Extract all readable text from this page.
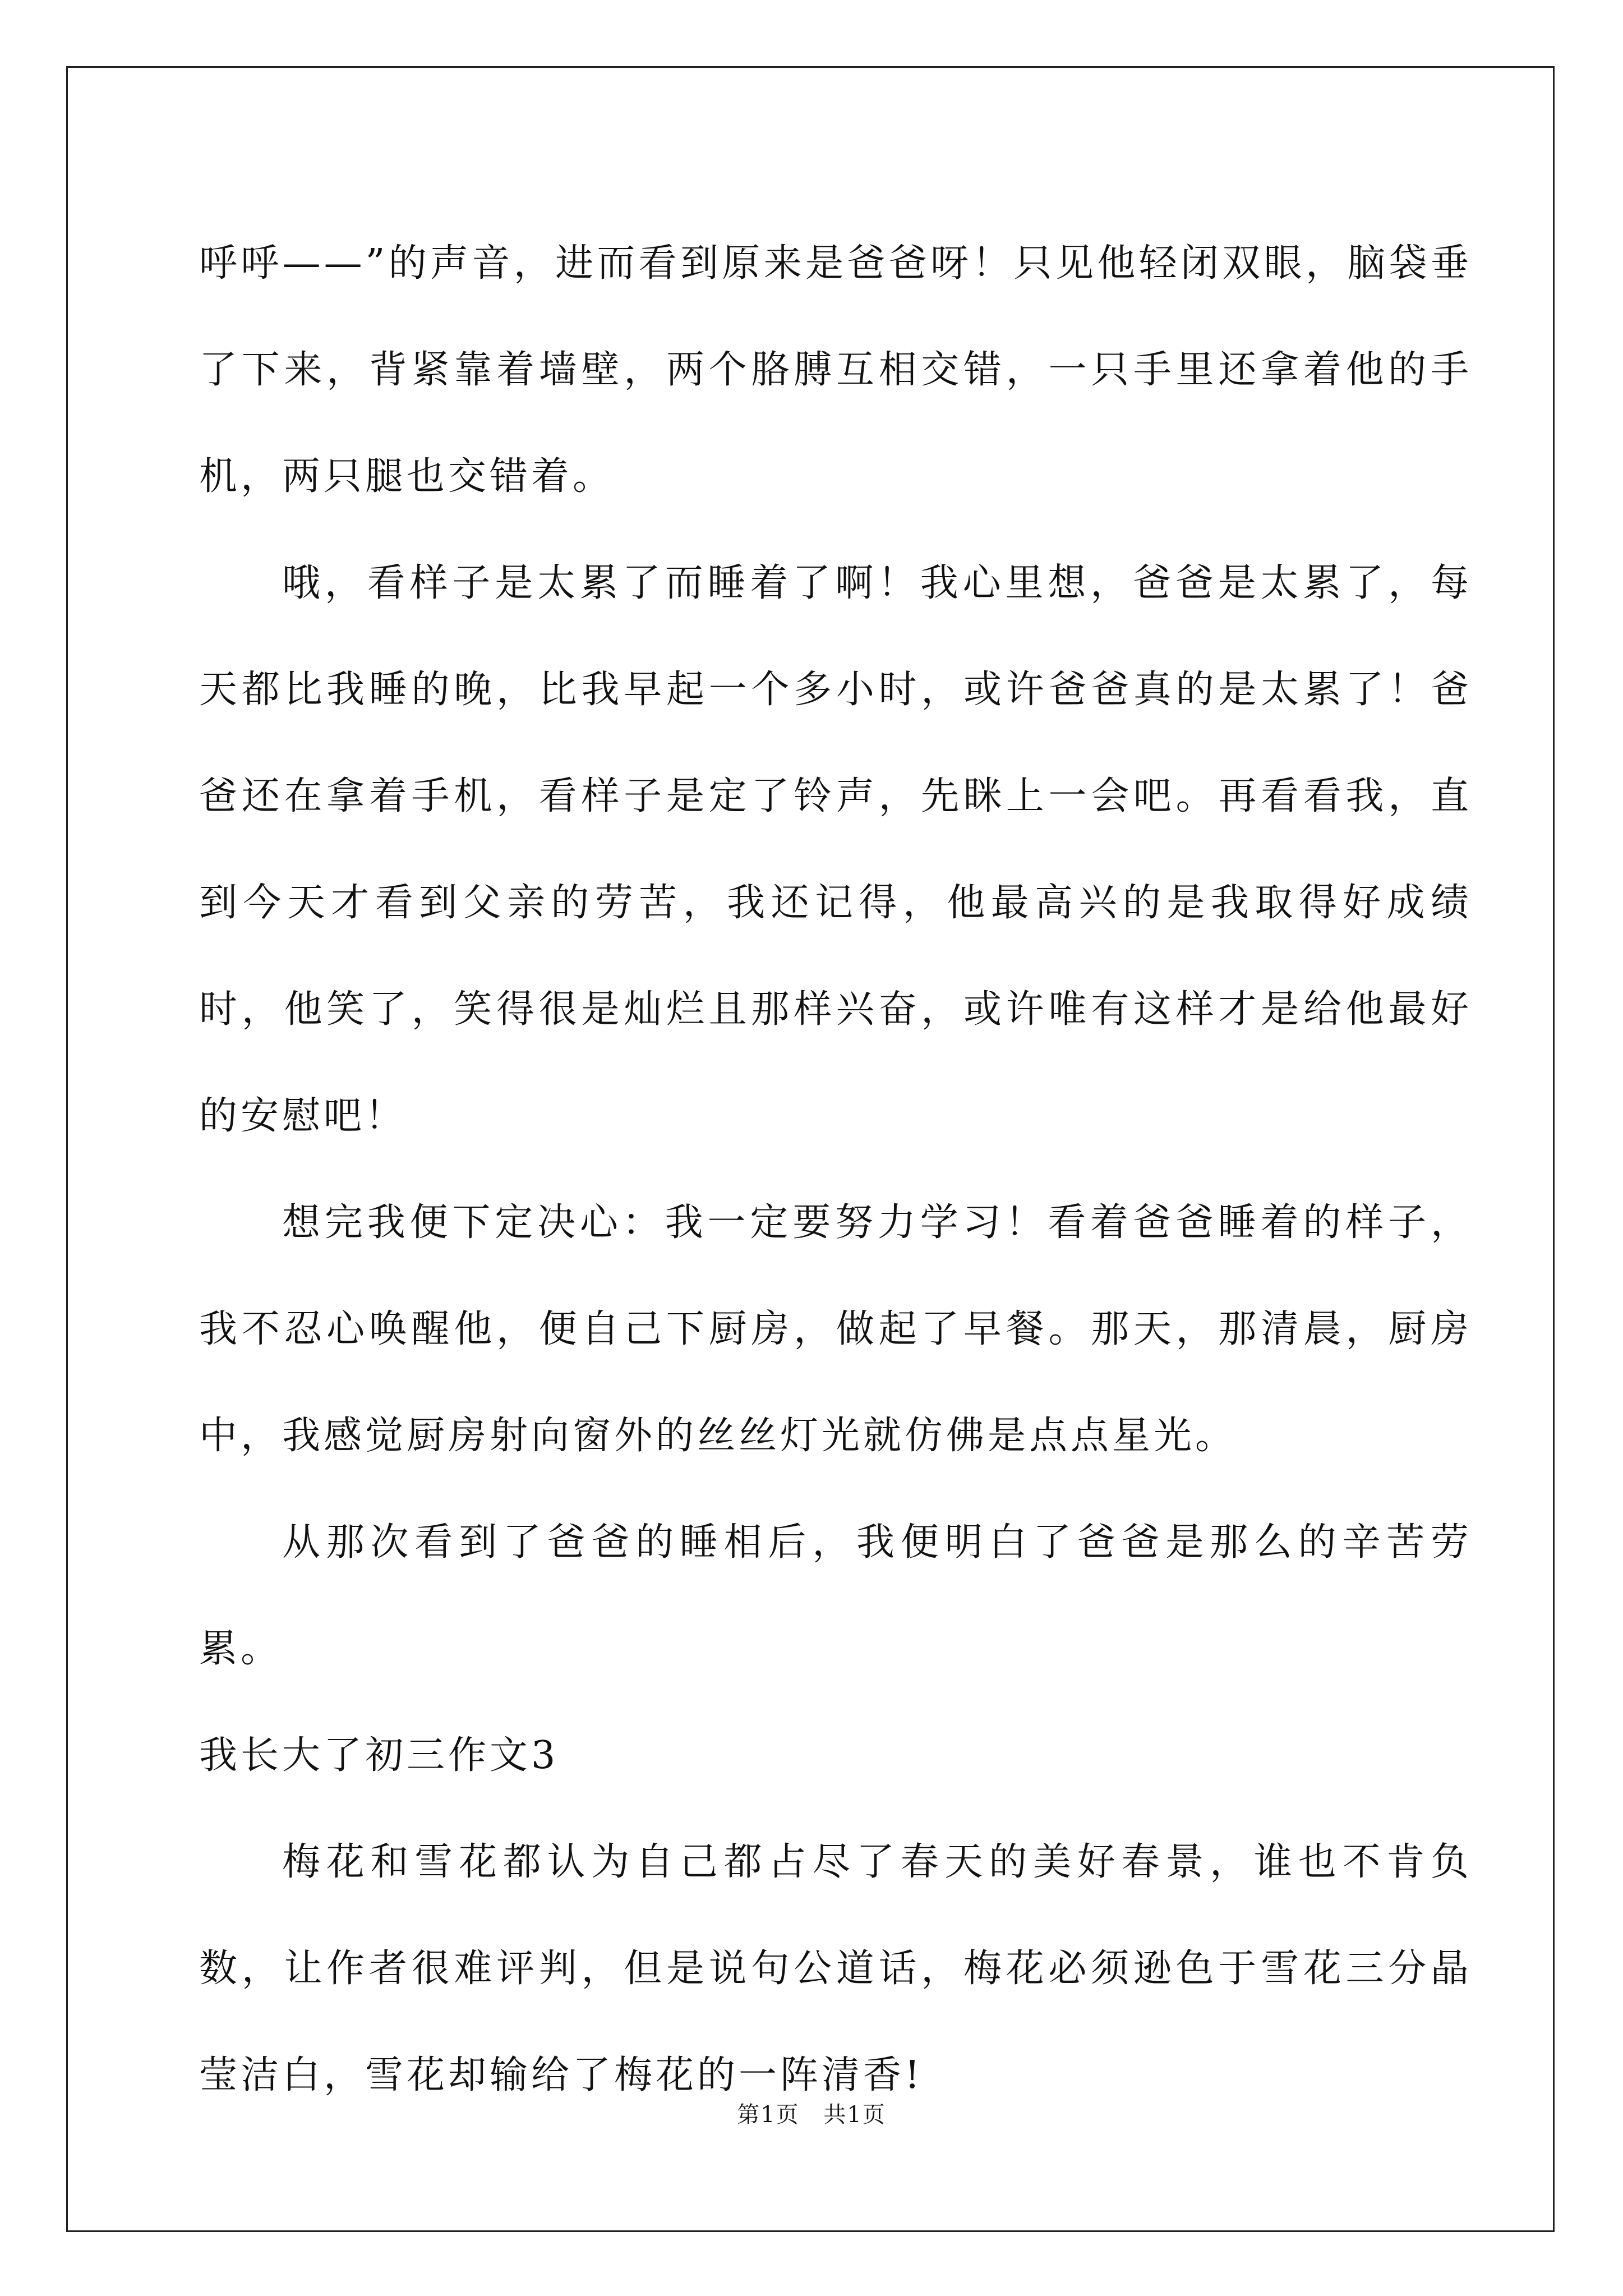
呼呼——”的声音，进而看到原来是爸爸呀！只见他轻闭双眼，脑袋垂了下来，背紧靠着墙壁，两个胳膊互相交错，一只手里还拿着他的手机，两只腿也交错着。

哦，看样子是太累了而睡着了啊！我心里想，爸爸是太累了，每天都比我睡的晚，比我早起一个多小时，或许爸爸真的是太累了！爸爸还在拿着手机，看样子是定了铃声，先眯上一会吧。再看看我，直到今天才看到父亲的劳苦，我还记得，他最高兴的是我取得好成绩时，他笑了，笑得很是灿烂且那样兴奋，或许唯有这样才是给他最好的安慰吧！

想完我便下定决心：我一定要努力学习！看着爸爸睡着的样子，我不忍心唤醒他，便自己下厨房，做起了早餐。那天，那清晨，厨房中，我感觉厨房射向窗外的丝丝灯光就仿佛是点点星光。

从那次看到了爸爸的睡相后，我便明白了爸爸是那么的辛苦劳累。

我长大了初三作文3

梅花和雪花都认为自己都占尽了春天的美好春景，谁也不肯负数，让作者很难评判，但是说句公道话，梅花必须逊色于雪花三分晶莹洁白，雪花却输给了梅花的一阵清香!

第1页 共1页
